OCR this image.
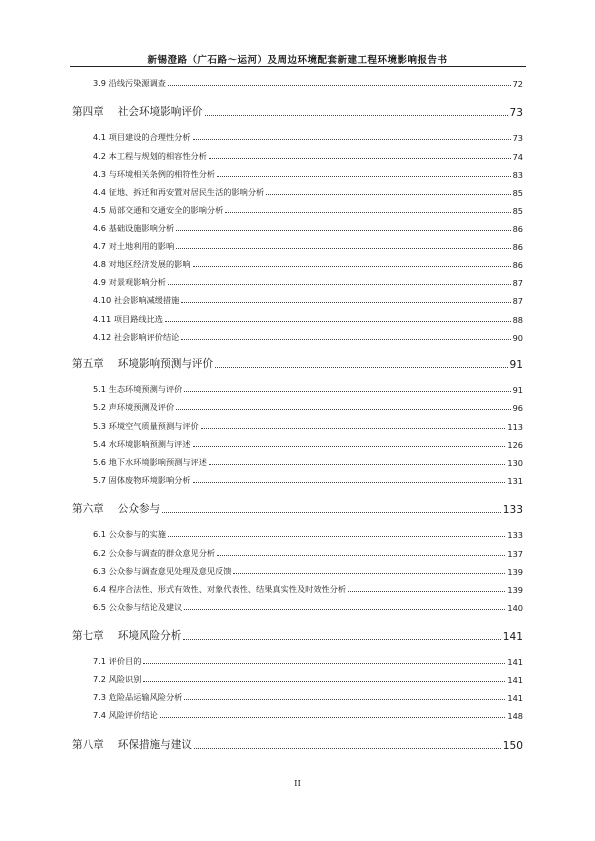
新锡澄路（广石路～运河）及周边环境配套新建工程环境影响报告书
3.9 沿线污染源调查	72
第四章 社会环境影响评价	73
4.1 项目建设的合理性分析	73
4.2 本工程与规划的相容性分析	74
4.3 与环境相关条例的相符性分析	83
4.4 征地、拆迁和再安置对居民生活的影响分析	85
4.5 局部交通和交通安全的影响分析	85
4.6 基础设施影响分析	86
4.7 对土地利用的影响	86
4.8 对地区经济发展的影响	86
4.9 对景观影响分析	87
4.10 社会影响减缓措施	87
4.11 项目路线比选	88
4.12 社会影响评价结论	90
第五章 环境影响预测与评价	91
5.1 生态环境预测与评价	91
5.2 声环境预测及评价	96
5.3 环境空气质量预测与评价	113
5.4 水环境影响预测与评述	126
5.6 地下水环境影响预测与评述	130
5.7 固体废物环境影响分析	131
第六章 公众参与	133
6.1 公众参与的实施	133
6.2 公众参与调查的群众意见分析	137
6.3 公众参与调查意见处理及意见反馈	139
6.4 程序合法性、形式有效性、对象代表性、结果真实性及时效性分析	139
6.5 公众参与结论及建议	140
第七章 环境风险分析	141
7.1 评价目的	141
7.2 风险识别	141
7.3 危险品运输风险分析	141
7.4 风险评价结论	148
第八章 环保措施与建议	150
II
